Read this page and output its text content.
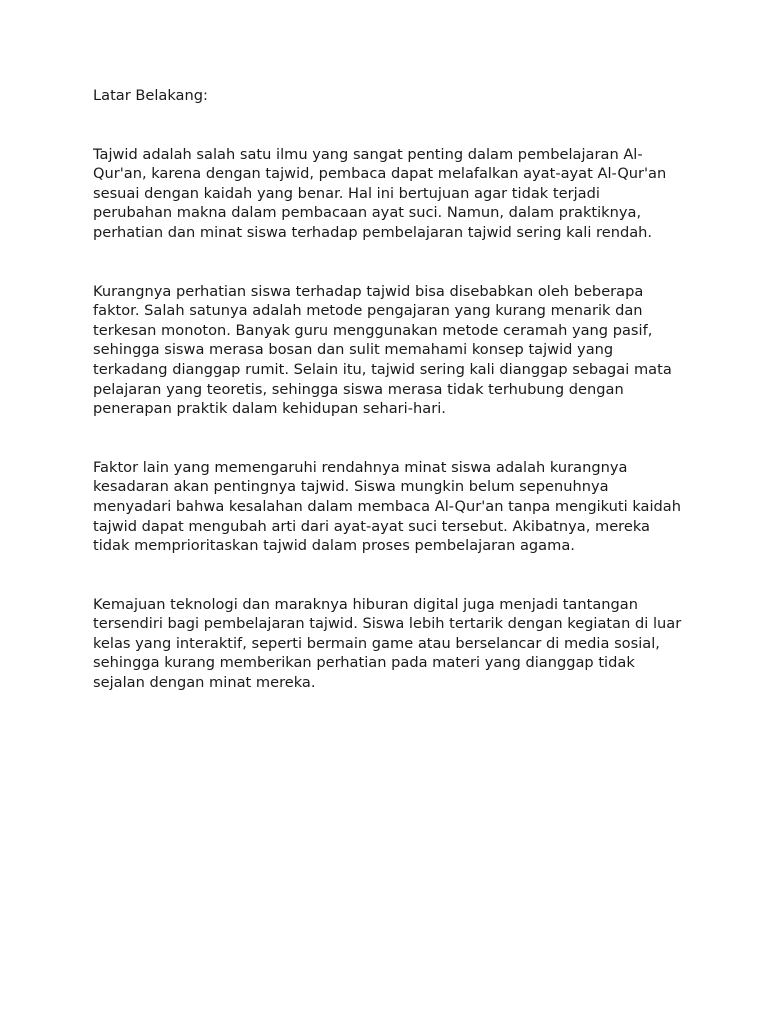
Latar Belakang:

Tajwid adalah salah satu ilmu yang sangat penting dalam pembelajaran Al-Qur'an, karena dengan tajwid, pembaca dapat melafalkan ayat-ayat Al-Qur'an sesuai dengan kaidah yang benar. Hal ini bertujuan agar tidak terjadi perubahan makna dalam pembacaan ayat suci. Namun, dalam praktiknya, perhatian dan minat siswa terhadap pembelajaran tajwid sering kali rendah.

Kurangnya perhatian siswa terhadap tajwid bisa disebabkan oleh beberapa faktor. Salah satunya adalah metode pengajaran yang kurang menarik dan terkesan monoton. Banyak guru menggunakan metode ceramah yang pasif, sehingga siswa merasa bosan dan sulit memahami konsep tajwid yang terkadang dianggap rumit. Selain itu, tajwid sering kali dianggap sebagai mata pelajaran yang teoretis, sehingga siswa merasa tidak terhubung dengan penerapan praktik dalam kehidupan sehari-hari.

Faktor lain yang memengaruhi rendahnya minat siswa adalah kurangnya kesadaran akan pentingnya tajwid. Siswa mungkin belum sepenuhnya menyadari bahwa kesalahan dalam membaca Al-Qur'an tanpa mengikuti kaidah tajwid dapat mengubah arti dari ayat-ayat suci tersebut. Akibatnya, mereka tidak memprioritaskan tajwid dalam proses pembelajaran agama.

Kemajuan teknologi dan maraknya hiburan digital juga menjadi tantangan tersendiri bagi pembelajaran tajwid. Siswa lebih tertarik dengan kegiatan di luar kelas yang interaktif, seperti bermain game atau berselancar di media sosial, sehingga kurang memberikan perhatian pada materi yang dianggap tidak sejalan dengan minat mereka.
